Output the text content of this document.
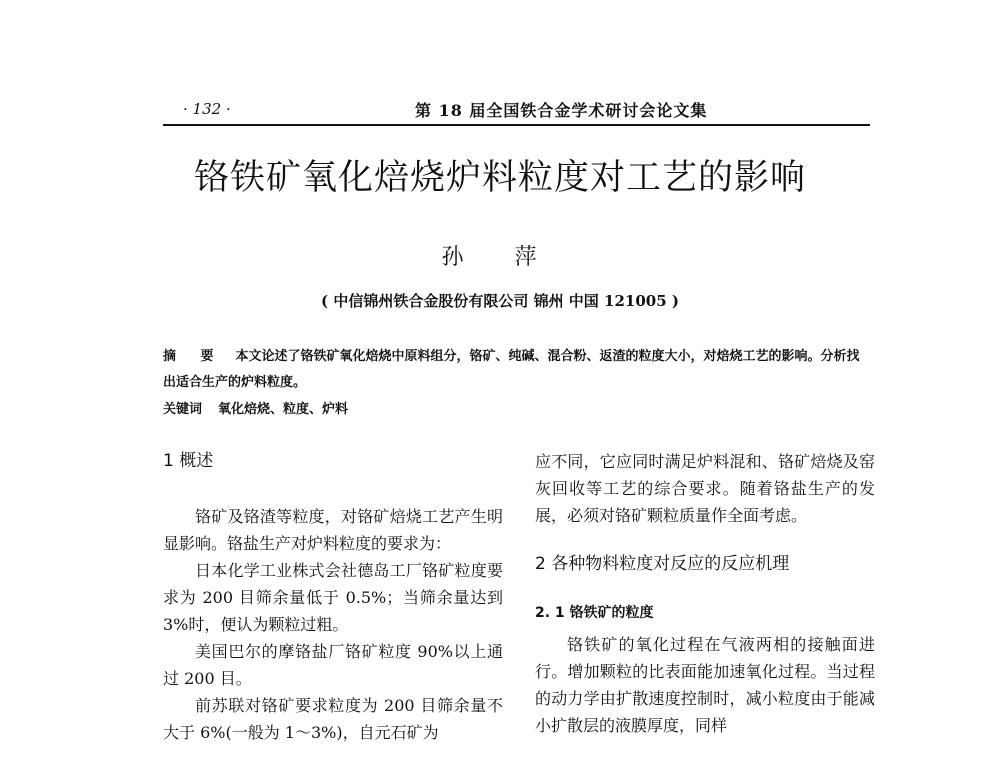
· 132 ·	第 18 届全国铁合金学术研讨会论文集
铬铁矿氧化焙烧炉料粒度对工艺的影响
孙 萍
( 中信锦州铁合金股份有限公司 锦州 中国 121005 )
摘 要 本文论述了铬铁矿氧化焙烧中原料组分，铬矿、纯碱、混合粉、返渣的粒度大小，对焙烧工艺的影响。分析找出适合生产的炉料粒度。
关键词 氧化焙烧、粒度、炉料

1 概述

铬矿及铬渣等粒度，对铬矿焙烧工艺产生明显影响。铬盐生产对炉料粒度的要求为：

日本化学工业株式会社德岛工厂铬矿粒度要求为 200 目筛余量低于 0.5%；当筛余量达到 3%时，便认为颗粒过粗。

美国巴尔的摩铬盐厂铬矿粒度 90%以上通过 200 目。

前苏联对铬矿要求粒度为 200 目筛余量不大于 6%(一般为 1～3%)，自元石矿为

应不同，它应同时满足炉料混和、铬矿焙烧及窑灰回收等工艺的综合要求。随着铬盐生产的发展，必须对铬矿颗粒质量作全面考虑。

2 各种物料粒度对反应的反应机理

2. 1 铬铁矿的粒度

铬铁矿的氧化过程在气液两相的接触面进行。增加颗粒的比表面能加速氧化过程。当过程的动力学由扩散速度控制时，减小粒度由于能减小扩散层的液膜厚度，同样
